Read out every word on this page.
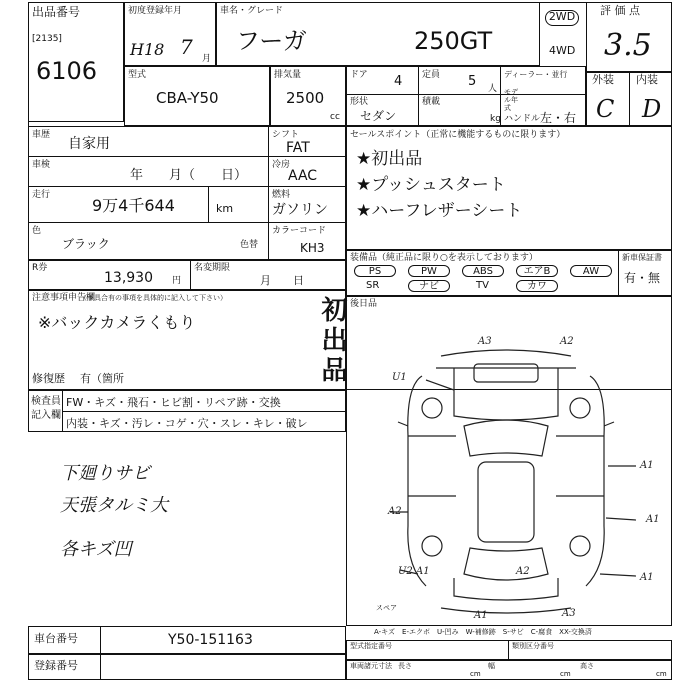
出品番号
[2135]
6106
初度登録年月
H18 7 月
車名・グレード
フーガ	250GT
2WD
4WD
評 価 点
3.5
外装 内装
C D
型式
CBA-Y50
排気量
2500
cc
ドア 4 定員 5 人
ディーラー・並行
モデル年式
形状
セダン
積載
kg ハンドル 左・右
車歴
自家用
シフト
FAT
車検
年　　月（　　日）
冷房
AAC
走行
9万4千644	km
燃料
ガソリン
色
ブラック	色替
カラーコード
KH3
セールスポイント（正常に機能するものに限ります）
★初出品
★プッシュスタート
★ハーフレザーシート
装備品（純正品に限り○を表示しております）
PS	PW	ABS	エアB	AW
SR	ナビ	TV	カワ
新車保証書
有・無
R券
13,930 円
名変期限
月　　日
注意事項申告欄
（不具合有の事項を具体的に記入して下さい）
※バックカメラくもり	初出品
修復歴 有（箇所
検査員
記入欄
FW・キズ・飛石・ヒビ割・リペア跡・交換
内装・キズ・汚レ・コゲ・穴・スレ・キレ・破レ
下廻りサビ
天張タルミ大
各キズ凹
後日品
A3	A2
U1
A1
A1
A2
A2
A1
A1	A3
U2 A1
スペア
A-キズ　E-エクボ　U-凹み　W-補修跡　S-サビ　C-腐食　XX-交換済
車台番号	Y50-151163
登録番号
型式指定番号	類別区分番号
車両諸元寸法 長さ
cm
幅
cm
高さ
cm
